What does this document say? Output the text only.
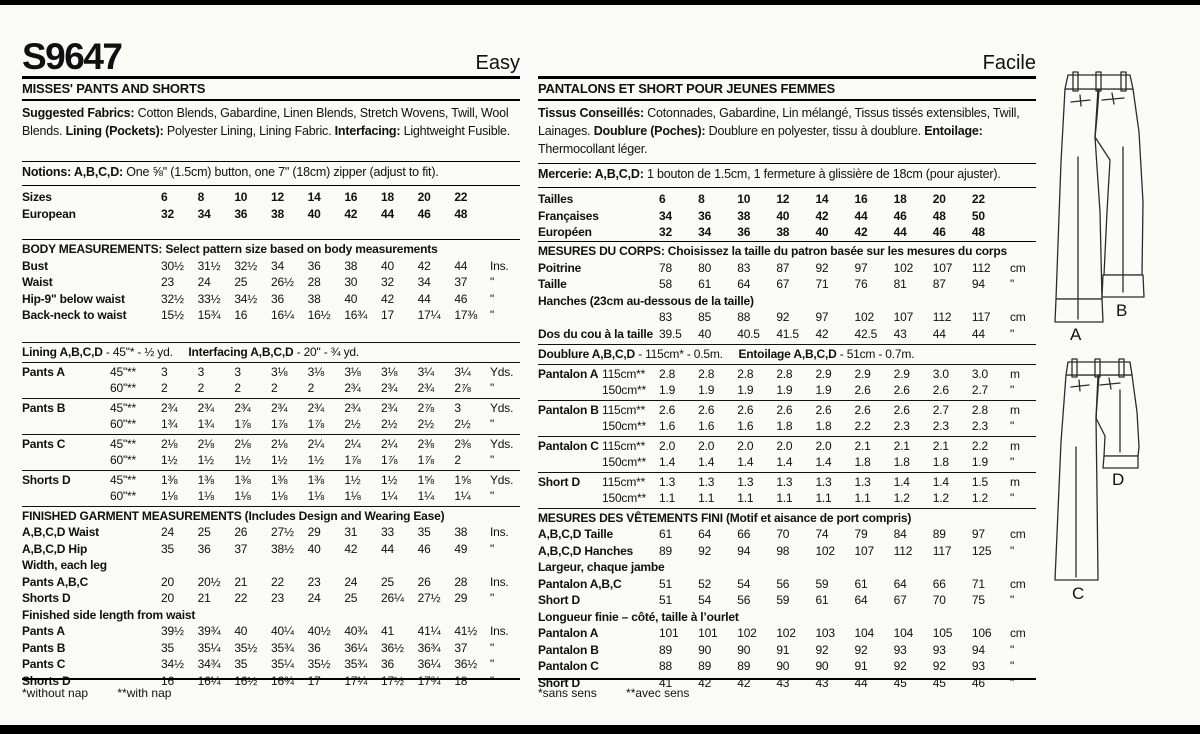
S9647	Easy
MISSES' PANTS AND SHORTS
Suggested Fabrics: Cotton Blends, Gabardine, Linen Blends, Stretch Wovens, Twill, Wool Blends. Lining (Pockets): Polyester Lining, Lining Fabric. Interfacing: Lightweight Fusible.
Notions: A,B,C,D: One ⅝" (1.5cm) button, one 7" (18cm) zipper (adjust to fit).
Sizes	6	8	10	12	14	16	18	20	22
European	32	34	36	38	40	42	44	46	48
BODY MEASUREMENTS: Select pattern size based on body measurements
Bust	30½	31½	32½	34	36	38	40	42	44	Ins.
Waist	23	24	25	26½	28	30	32	34	37	"
Hip-9" below waist	32½	33½	34½	36	38	40	42	44	46	"
Back-neck to waist	15½	15¾	16	16¼	16½	16¾	17	17¼	17⅜	"
Lining A,B,C,D - 45"* - ½ yd.     Interfacing A,B,C,D - 20" - ¾ yd.
Pants A	45"**	3	3	3	3⅛	3⅛	3⅛	3⅛	3¼	3¼	Yds.
60"**	2	2	2	2	2	2¾	2¾	2¾	2⅞	"
Pants B	45"**	2¾	2¾	2¾	2¾	2¾	2¾	2¾	2⅞	3	Yds.
60"**	1¾	1¾	1⅞	1⅞	1⅞	2½	2½	2½	2½	"
Pants C	45"**	2⅛	2⅛	2⅛	2⅛	2¼	2¼	2¼	2⅜	2⅜	Yds.
60"**	1½	1½	1½	1½	1½	1⅞	1⅞	1⅞	2	"
Shorts D	45"**	1⅜	1⅜	1⅜	1⅜	1⅜	1½	1½	1⅝	1⅝	Yds.
60"**	1⅛	1⅛	1⅛	1⅛	1⅛	1⅛	1¼	1¼	1¼	"
FINISHED GARMENT MEASUREMENTS (Includes Design and Wearing Ease)
A,B,C,D Waist	24	25	26	27½	29	31	33	35	38	Ins.
A,B,C,D Hip	35	36	37	38½	40	42	44	46	49	"
Width, each leg
Pants A,B,C	20	20½	21	22	23	24	25	26	28	Ins.
Shorts D	20	21	22	23	24	25	26¼	27½	29	"
Finished side length from waist
Pants A	39½	39¾	40	40¼	40½	40¾	41	41¼	41½	Ins.
Pants B	35	35¼	35½	35¾	36	36¼	36½	36¾	37	"
Pants C	34½	34¾	35	35¼	35½	35¾	36	36¼	36½	"
Shorts D	16	16¼	16½	16¾	17	17¼	17½	17¾	18	"
*without nap **with nap
Facile
PANTALONS ET SHORT POUR JEUNES FEMMES
Tissus Conseillés: Cotonnades, Gabardine, Lin mélangé, Tissus tissés extensibles, Twill, Lainages. Doublure (Poches): Doublure en polyester, tissu à doublure. Entoilage: Thermocollant léger.
Mercerie: A,B,C,D: 1 bouton de 1.5cm, 1 fermeture à glissière de 18cm (pour ajuster).
Tailles	6	8	10	12	14	16	18	20	22
Françaises	34	36	38	40	42	44	46	48	50
Européen	32	34	36	38	40	42	44	46	48
MESURES DU CORPS: Choisissez la taille du patron basée sur les mesures du corps
Poitrine	78	80	83	87	92	97	102	107	112	cm
Taille	58	61	64	67	71	76	81	87	94	"
Hanches (23cm au-dessous de la taille)
83	85	88	92	97	102	107	112	117	cm
Dos du cou à la taille 39.5	40	40.5	41.5	42	42.5	43	44	44	"
Doublure A,B,C,D - 115cm* - 0.5m.     Entoilage A,B,C,D - 51cm - 0.7m.
Pantalon A 115cm**	2.8	2.8	2.8	2.8	2.9	2.9	2.9	3.0	3.0	m
150cm**	1.9	1.9	1.9	1.9	1.9	2.6	2.6	2.6	2.7	"
Pantalon B 115cm**	2.6	2.6	2.6	2.6	2.6	2.6	2.6	2.7	2.8	m
150cm**	1.6	1.6	1.6	1.8	1.8	2.2	2.3	2.3	2.3	"
Pantalon C 115cm**	2.0	2.0	2.0	2.0	2.0	2.1	2.1	2.1	2.2	m
150cm**	1.4	1.4	1.4	1.4	1.4	1.8	1.8	1.8	1.9	"
Short D	115cm**	1.3	1.3	1.3	1.3	1.3	1.3	1.4	1.4	1.5	m
150cm**	1.1	1.1	1.1	1.1	1.1	1.1	1.2	1.2	1.2	"
MESURES DES VÊTEMENTS FINI (Motif et aisance de port compris)
A,B,C,D Taille	61	64	66	70	74	79	84	89	97	cm
A,B,C,D Hanches	89	92	94	98	102	107	112	117	125	"
Largeur, chaque jambe
Pantalon A,B,C	51	52	54	56	59	61	64	66	71	cm
Short D	51	54	56	59	61	64	67	70	75	"
Longueur finie – côté, taille à l’ourlet
Pantalon A	101	101	102	102	103	104	104	105	106	cm
Pantalon B	89	90	90	91	92	92	93	93	94	"
Pantalon C	88	89	89	90	90	91	92	92	93	"
Short D	41	42	42	43	43	44	45	45	46	"
*sans sens **avec sens
A
B
D
C
